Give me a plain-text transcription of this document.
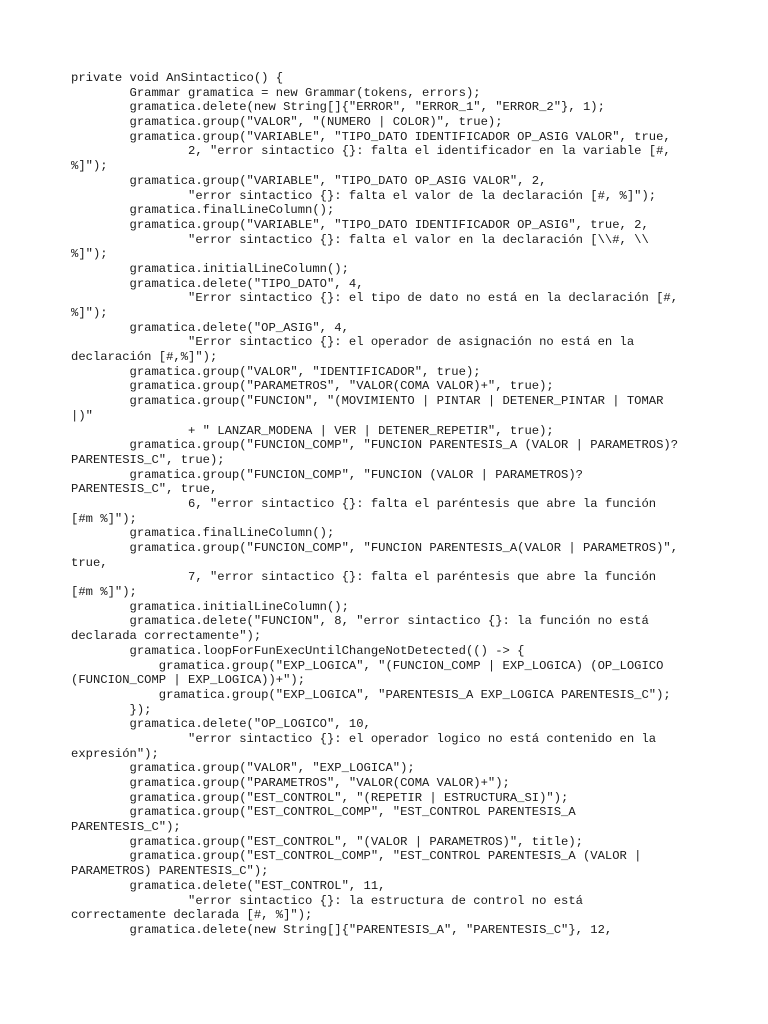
private void AnSintactico() {
Grammar gramatica = new Grammar(tokens, errors);
gramatica.delete(new String[]{"ERROR", "ERROR_1", "ERROR_2"}, 1);
gramatica.group("VALOR", "(NUMERO | COLOR)", true);
gramatica.group("VARIABLE", "TIPO_DATO IDENTIFICADOR OP_ASIG VALOR", true,
2, "error sintactico {}: falta el identificador en la variable [#,
%]");
gramatica.group("VARIABLE", "TIPO_DATO OP_ASIG VALOR", 2,
"error sintactico {}: falta el valor de la declaración [#, %]");
gramatica.finalLineColumn();
gramatica.group("VARIABLE", "TIPO_DATO IDENTIFICADOR OP_ASIG", true, 2,
"error sintactico {}: falta el valor en la declaración [\\#, \\
%]");
gramatica.initialLineColumn();
gramatica.delete("TIPO_DATO", 4,
"Error sintactico {}: el tipo de dato no está en la declaración [#,
%]");
gramatica.delete("OP_ASIG", 4,
"Error sintactico {}: el operador de asignación no está en la
declaración [#,%]");
gramatica.group("VALOR", "IDENTIFICADOR", true);
gramatica.group("PARAMETROS", "VALOR(COMA VALOR)+", true);
gramatica.group("FUNCION", "(MOVIMIENTO | PINTAR | DETENER_PINTAR | TOMAR
|)"
+ " LANZAR_MODENA | VER | DETENER_REPETIR", true);
gramatica.group("FUNCION_COMP", "FUNCION PARENTESIS_A (VALOR | PARAMETROS)?
PARENTESIS_C", true);
gramatica.group("FUNCION_COMP", "FUNCION (VALOR | PARAMETROS)?
PARENTESIS_C", true,
6, "error sintactico {}: falta el paréntesis que abre la función
[#m %]");
gramatica.finalLineColumn();
gramatica.group("FUNCION_COMP", "FUNCION PARENTESIS_A(VALOR | PARAMETROS)",
true,
7, "error sintactico {}: falta el paréntesis que abre la función
[#m %]");
gramatica.initialLineColumn();
gramatica.delete("FUNCION", 8, "error sintactico {}: la función no está
declarada correctamente");
gramatica.loopForFunExecUntilChangeNotDetected(() -> {
gramatica.group("EXP_LOGICA", "(FUNCION_COMP | EXP_LOGICA) (OP_LOGICO
(FUNCION_COMP | EXP_LOGICA))+");
gramatica.group("EXP_LOGICA", "PARENTESIS_A EXP_LOGICA PARENTESIS_C");
});
gramatica.delete("OP_LOGICO", 10,
"error sintactico {}: el operador logico no está contenido en la
expresión");
gramatica.group("VALOR", "EXP_LOGICA");
gramatica.group("PARAMETROS", "VALOR(COMA VALOR)+");
gramatica.group("EST_CONTROL", "(REPETIR | ESTRUCTURA_SI)");
gramatica.group("EST_CONTROL_COMP", "EST_CONTROL PARENTESIS_A
PARENTESIS_C");
gramatica.group("EST_CONTROL", "(VALOR | PARAMETROS)", title);
gramatica.group("EST_CONTROL_COMP", "EST_CONTROL PARENTESIS_A (VALOR |
PARAMETROS) PARENTESIS_C");
gramatica.delete("EST_CONTROL", 11,
"error sintactico {}: la estructura de control no está
correctamente declarada [#, %]");
gramatica.delete(new String[]{"PARENTESIS_A", "PARENTESIS_C"}, 12,
